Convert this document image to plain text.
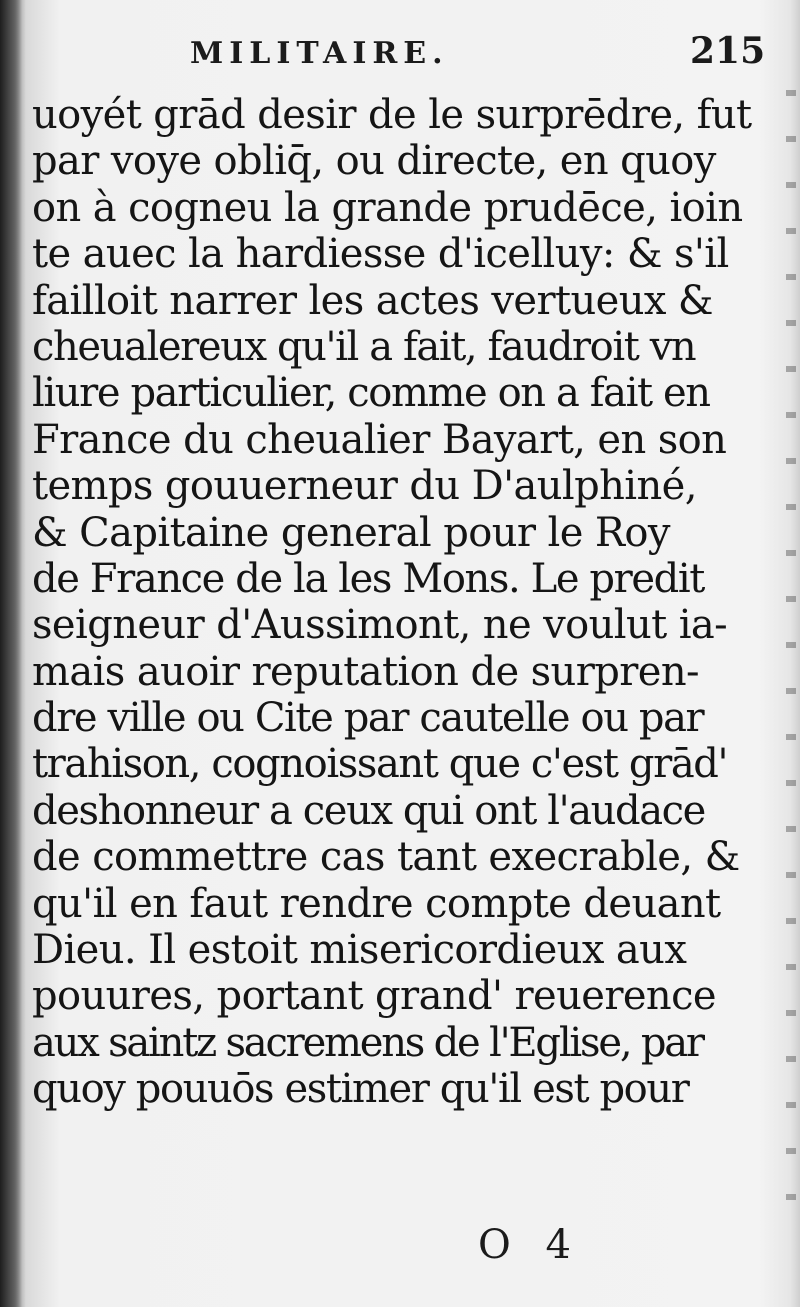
MILITAIRE.	215
uoyét grād desir de le surprēdre, fut
par voye obliq̄, ou directe, en quoy
on à cogneu la grande prudēce, ioin
te auec la hardiesse d'icelluy: & s'il
failloit narrer les actes vertueux &
cheualereux qu'il a fait, faudroit vn
liure particulier, comme on a fait en
France du cheualier Bayart, en son
temps gouuerneur du D'aulphiné,
& Capitaine general pour le Roy
de France de la les Mons. Le predit
seigneur d'Aussimont, ne voulut ia-
mais auoir reputation de surpren-
dre ville ou Cite par cautelle ou par
trahison, cognoissant que c'est grād'
deshonneur a ceux qui ont l'audace
de commettre cas tant execrable, &
qu'il en faut rendre compte deuant
Dieu. Il estoit misericordieux aux
pouures, portant grand' reuerence
aux saintz sacremens de l'Eglise, par
quoy pouuōs estimer qu'il est pour
O 4
